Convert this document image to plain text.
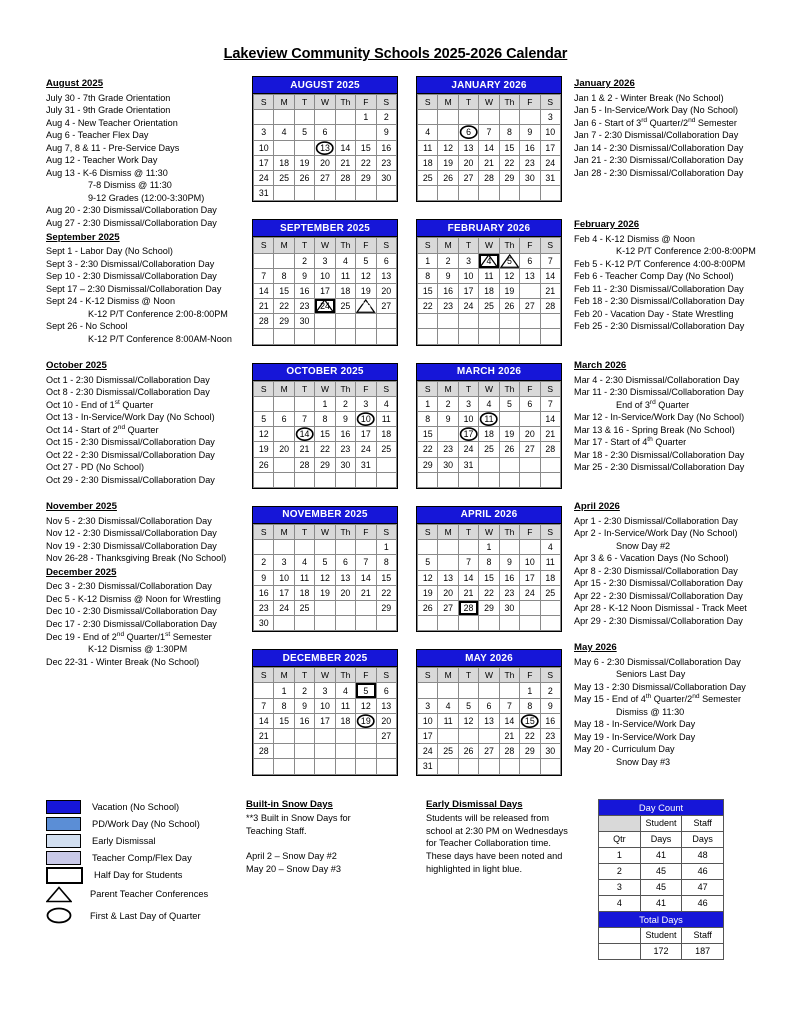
Lakeview Community Schools 2025-2026 Calendar
August 2025
July 30 - 7th Grade Orientation
July 31 - 9th Grade Orientation
Aug 4 - New Teacher Orientation
Aug 6 - Teacher Flex Day
Aug 7, 8 & 11 - Pre-Service Days
Aug 12 - Teacher Work Day
Aug 13 - K-6 Dismiss @ 11:30
7-8 Dismiss @ 11:30
9-12 Grades (12:00-3:30PM)
Aug 20 - 2:30 Dismissal/Collaboration Day
Aug 27 - 2:30 Dismissal/Collaboration Day
September 2025
Sept 1 - Labor Day (No School)
Sept 3 - 2:30 Dismissal/Collaboration Day
Sep 10 - 2:30 Dismissal/Collaboration Day
Sept 17 – 2:30 Dismissal/Collaboration Day
Sept 24 - K-12 Dismiss @ Noon
K-12 P/T Conference 2:00-8:00PM
Sept 26 - No School
K-12 P/T Conference 8:00AM-Noon
October 2025
Oct 1 - 2:30 Dismissal/Collaboration Day
Oct 8 - 2:30 Dismissal/Collaboration Day
Oct 10 - End of 1st Quarter
Oct 13 - In-Service/Work Day (No School)
Oct 14 - Start of 2nd Quarter
Oct 15 - 2:30 Dismissal/Collaboration Day
Oct 22 - 2:30 Dismissal/Collaboration Day
Oct 27 - PD (No School)
Oct 29 - 2:30 Dismissal/Collaboration Day
November 2025
Nov 5 - 2:30 Dismissal/Collaboration Day
Nov 12 - 2:30 Dismissal/Collaboration Day
Nov 19 - 2:30 Dismissal/Collaboration Day
Nov 26-28 - Thanksgiving Break (No School)
December 2025
Dec 3 - 2:30 Dismissal/Collaboration Day
Dec 5 - K-12 Dismiss @ Noon for Wrestling
Dec 10 - 2:30 Dismissal/Collaboration Day
Dec 17 - 2:30 Dismissal/Collaboration Day
Dec 19 - End of 2nd Quarter/1st Semester
K-12 Dismiss @ 1:30PM
Dec 22-31 - Winter Break (No School)
AUGUST 2025
S	M	T	W	Th	F	S
					1	2
3	4	5	6	7	8	9
10	11	12	13	14	15	16
17	18	19	20	21	22	23
24	25	26	27	28	29	30
31						
JANUARY 2026
S	M	T	W	Th	F	S
				1	2	3
4	5	6	7	8	9	10
11	12	13	14	15	16	17
18	19	20	21	22	23	24
25	26	27	28	29	30	31

SEPTEMBER 2025
S	M	T	W	Th	F	S
	1	2	3	4	5	6
7	8	9	10	11	12	13
14	15	16	17	18	19	20
21	22	23	24	25	26	27
28	29	30				

FEBRUARY 2026
S	M	T	W	Th	F	S
1	2	3	4	5	6	7
8	9	10	11	12	13	14
15	16	17	18	19	20	21
22	23	24	25	26	27	28

OCTOBER 2025
S	M	T	W	Th	F	S
			1	2	3	4
5	6	7	8	9	10	11
12	13	14	15	16	17	18
19	20	21	22	23	24	25
26	27	28	29	30	31	

MARCH 2026
S	M	T	W	Th	F	S
1	2	3	4	5	6	7
8	9	10	11	12	13	14
15	16	17	18	19	20	21
22	23	24	25	26	27	28
29	30	31				

NOVEMBER 2025
S	M	T	W	Th	F	S
						1
2	3	4	5	6	7	8
9	10	11	12	13	14	15
16	17	18	19	20	21	22
23	24	25	26	27	28	29
30						
APRIL 2026
S	M	T	W	Th	F	S
			1	2	3	4
5	6	7	8	9	10	11
12	13	14	15	16	17	18
19	20	21	22	23	24	25
26	27	28	29	30		

DECEMBER 2025
S	M	T	W	Th	F	S
	1	2	3	4	5	6
7	8	9	10	11	12	13
14	15	16	17	18	19	20
21	22	23	24	25	26	27
28	29	30	31			

MAY 2026
S	M	T	W	Th	F	S
					1	2
3	4	5	6	7	8	9
10	11	12	13	14	15	16
17	18	19	20	21	22	23
24	25	26	27	28	29	30
31						
January 2026
Jan 1 & 2 - Winter Break (No School)
Jan 5 - In-Service/Work Day (No School)
Jan 6 - Start of 3rd Quarter/2nd Semester
Jan 7 - 2:30 Dismissal/Collaboration Day
Jan 14 - 2:30 Dismissal/Collaboration Day
Jan 21 - 2:30 Dismissal/Collaboration Day
Jan 28 - 2:30 Dismissal/Collaboration Day
February 2026
Feb 4 - K-12 Dismiss @ Noon
K-12 P/T Conference 2:00-8:00PM
Feb 5 - K-12 P/T Conference 4:00-8:00PM
Feb 6 - Teacher Comp Day (No School)
Feb 11 - 2:30 Dismissal/Collaboration Day
Feb 18 - 2:30 Dismissal/Collaboration Day
Feb 20 - Vacation Day - State Wrestling
Feb 25 - 2:30 Dismissal/Collaboration Day
March 2026
Mar 4 - 2:30 Dismissal/Collaboration Day
Mar 11 - 2:30 Dismissal/Collaboration Day
End of 3rd Quarter
Mar 12 - In-Service/Work Day (No School)
Mar 13 & 16 - Spring Break (No School)
Mar 17 - Start of 4th Quarter
Mar 18 - 2:30 Dismissal/Collaboration Day
Mar 25 - 2:30 Dismissal/Collaboration Day
April 2026
Apr 1 - 2:30 Dismissal/Collaboration Day
Apr 2 - In-Service/Work Day (No School)
Snow Day #2
Apr 3 & 6 - Vacation Days (No School)
Apr 8 - 2:30 Dismissal/Collaboration Day
Apr 15 - 2:30 Dismissal/Collaboration Day
Apr 22 - 2:30 Dismissal/Collaboration Day
Apr 28 - K-12 Noon Dismissal - Track Meet
Apr 29 - 2:30 Dismissal/Collaboration Day
May 2026
May 6 - 2:30 Dismissal/Collaboration Day
Seniors Last Day
May 13 - 2:30 Dismissal/Collaboration Day
May 15 - End of 4th Quarter/2nd Semester
Dismiss @ 11:30
May 18 - In-Service/Work Day
May 19 - In-Service/Work Day
May 20 - Curriculum Day
Snow Day #3
Vacation (No School)
PD/Work Day (No School)
Early Dismissal
Teacher Comp/Flex Day
Half Day for Students
Parent Teacher Conferences
First & Last Day of Quarter
Built-in Snow Days
**3 Built in Snow Days for
Teaching Staff.

April 2 – Snow Day #2
May 20 – Snow Day #3
Early Dismissal Days
Students will be released from
school at 2:30 PM on Wednesdays
for Teacher Collaboration time.
These days have been noted and
highlighted in light blue.
Day Count		
	Student	Staff
Qtr	Days	Days
1	41	48
2	45	46
3	45	47
4	41	46
Total Days		
	Student	Staff
	172	187
